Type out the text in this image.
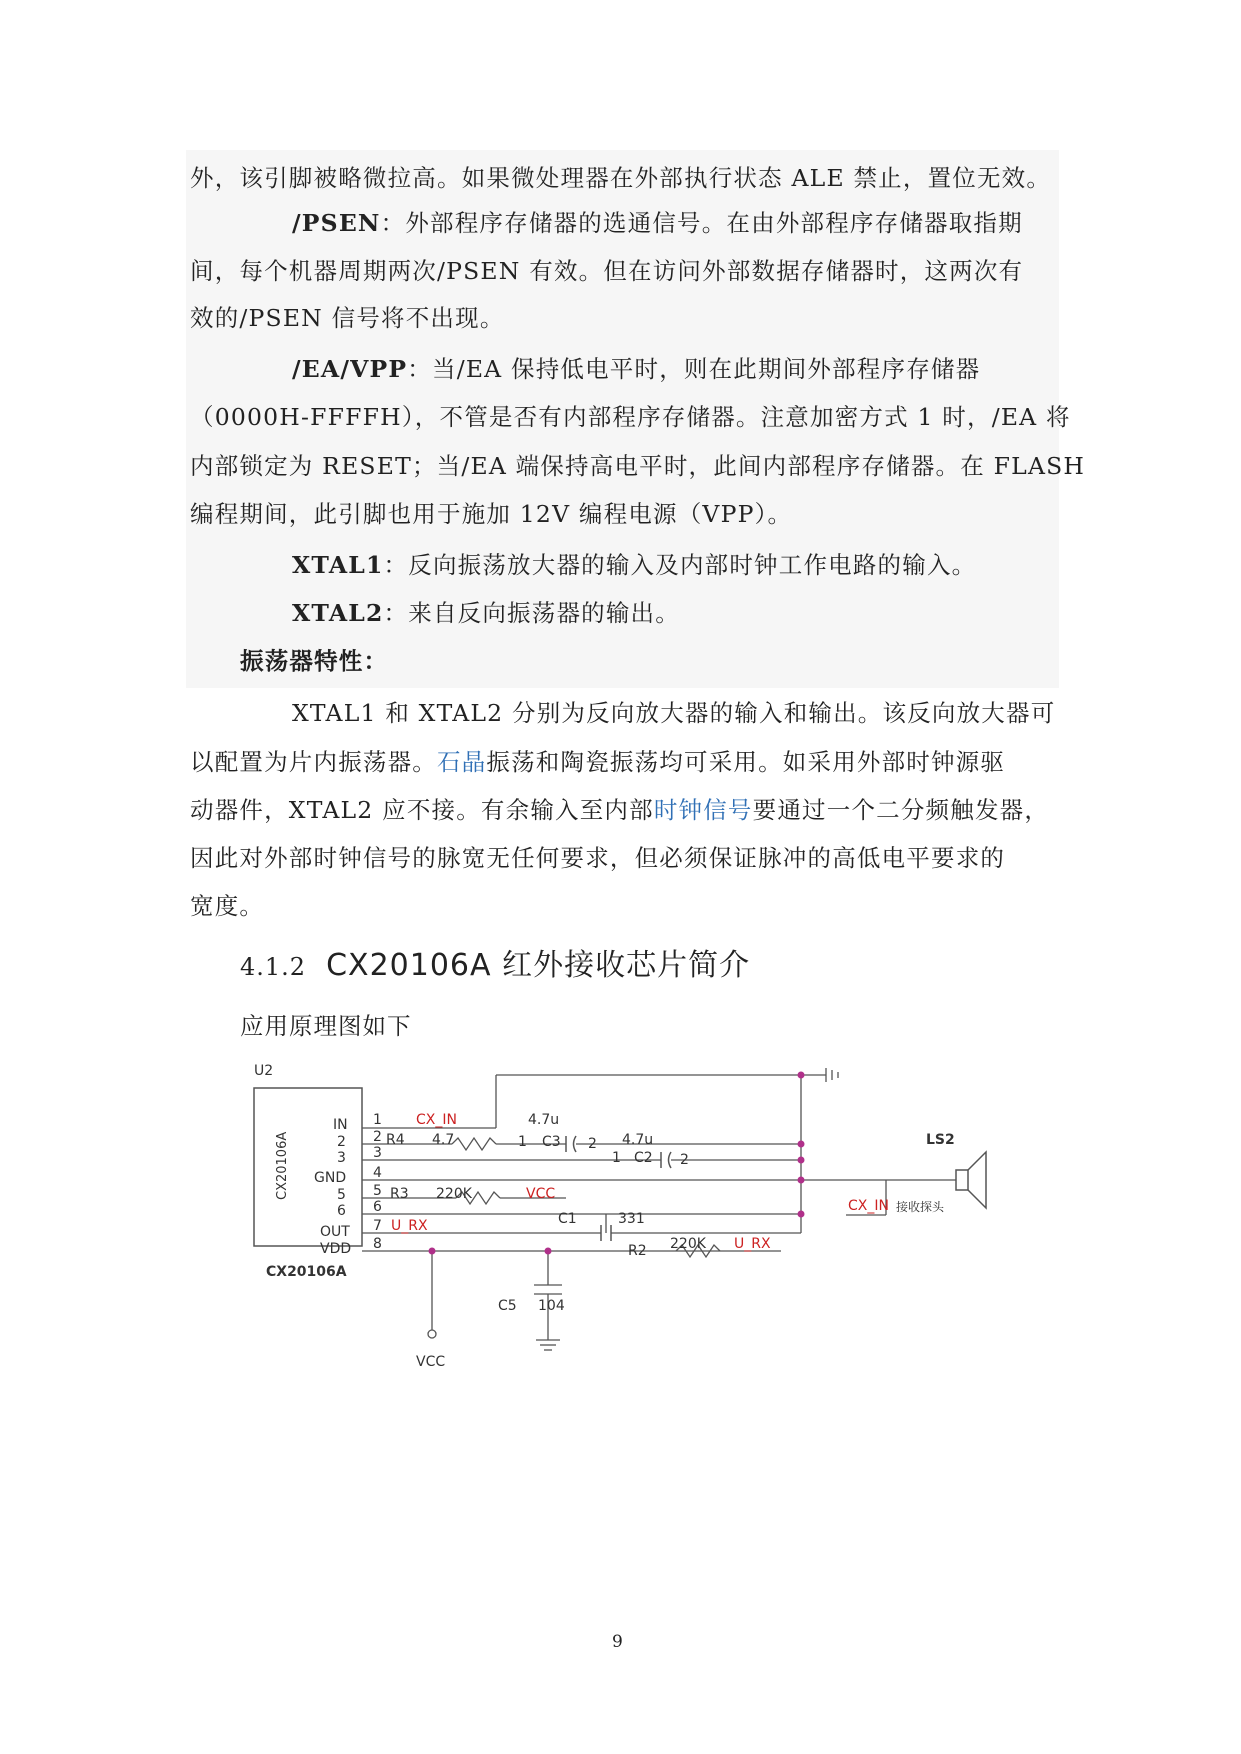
外，该引脚被略微拉高。如果微处理器在外部执行状态 ALE 禁止，置位无效。
/PSEN：外部程序存储器的选通信号。在由外部程序存储器取指期
间，每个机器周期两次/PSEN 有效。但在访问外部数据存储器时，这两次有
效的/PSEN 信号将不出现。
/EA/VPP：当/EA 保持低电平时，则在此期间外部程序存储器
（0000H-FFFFH），不管是否有内部程序存储器。注意加密方式 1 时，/EA 将
内部锁定为 RESET；当/EA 端保持高电平时，此间内部程序存储器。在 FLASH
编程期间，此引脚也用于施加 12V 编程电源（VPP）。
XTAL1：反向振荡放大器的输入及内部时钟工作电路的输入。
XTAL2：来自反向振荡器的输出。
振荡器特性：
XTAL1 和 XTAL2 分别为反向放大器的输入和输出。该反向放大器可
以配置为片内振荡器。石晶振荡和陶瓷振荡均可采用。如采用外部时钟源驱
动器件，XTAL2 应不接。有余输入至内部时钟信号要通过一个二分频触发器，
因此对外部时钟信号的脉宽无任何要求，但必须保证脉冲的高低电平要求的
宽度。
4.1.2 CX20106A 红外接收芯片简介
应用原理图如下
U2
CX20106A
CX20106A
IN
2
3
GND
5
6
OUT
VDD
1
2
3
4
5
6
7
8
CX_IN
R4 4.7
4.7u
1 C3 2 4.7u
1 C2 2
R3 220K	VCC
C1	331
U_RX
R2 220K U_RX
C5 104
VCC
LS2
CX_IN 接收探头
9
